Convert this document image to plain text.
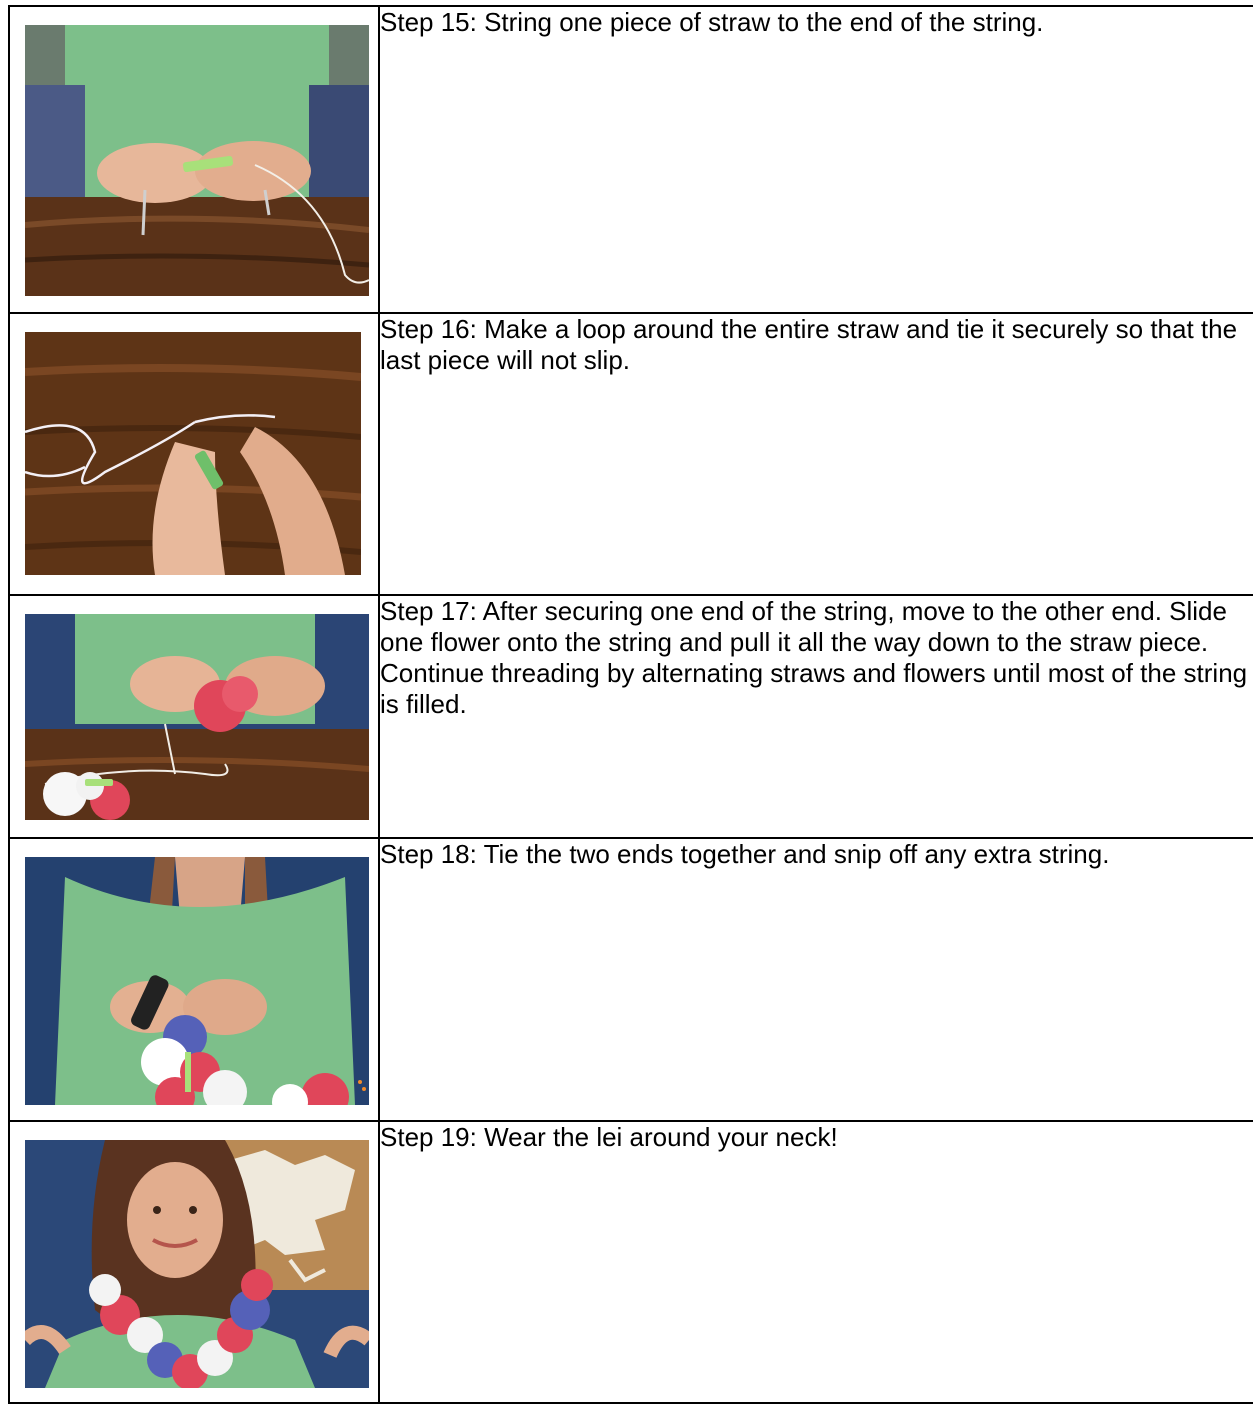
	Step 15: String one piece of straw to the end of the string.

	Step 16: Make a loop around the entire straw and tie it securely so that the last piece will not slip.

	Step 17: After securing one end of the string, move to the other end. Slide one flower onto the string and pull it all the way down to the straw piece. Continue threading by alternating straws and flowers until most of the string is filled.

	Step 18: Tie the two ends together and snip off any extra string.

	Step 19: Wear the lei around your neck!
